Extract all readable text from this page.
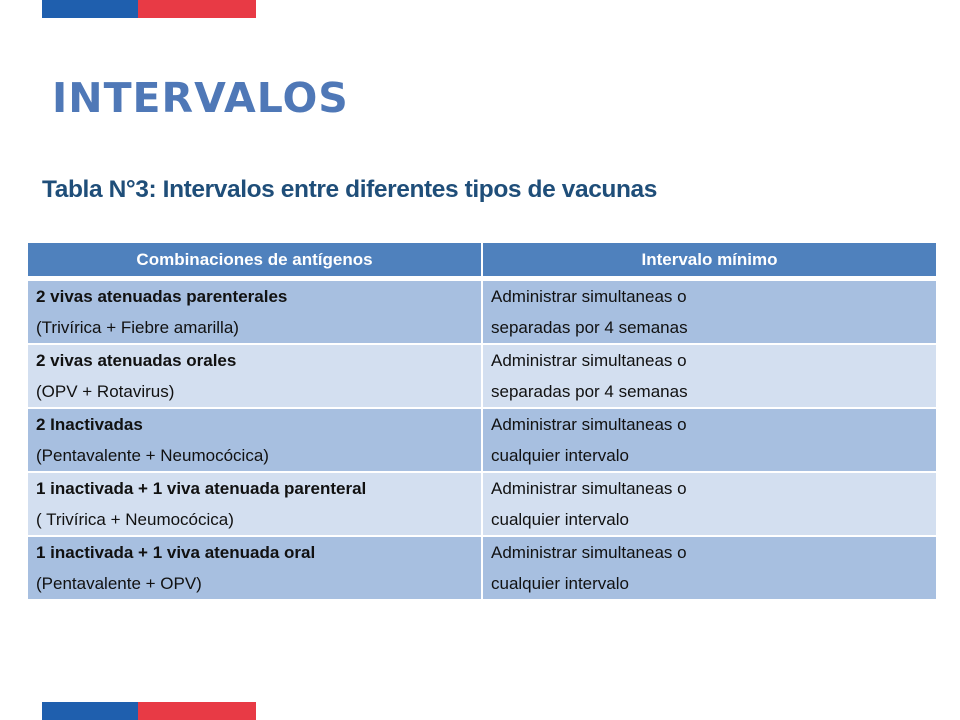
INTERVALOS
Tabla N°3: Intervalos entre diferentes tipos de vacunas
Combinaciones de antígenos	Intervalo mínimo

2 vivas atenuadas parenterales
(Trivírica + Fiebre amarilla)	Administrar simultaneas o
separadas por 4 semanas

2 vivas atenuadas orales
(OPV + Rotavirus)	Administrar simultaneas o
separadas por 4 semanas

2 Inactivadas
(Pentavalente + Neumocócica)	Administrar simultaneas o
cualquier intervalo

1 inactivada + 1 viva atenuada parenteral
( Trivírica + Neumocócica)	Administrar simultaneas o
cualquier intervalo

1 inactivada + 1 viva atenuada oral
(Pentavalente + OPV)	Administrar simultaneas o
cualquier intervalo
